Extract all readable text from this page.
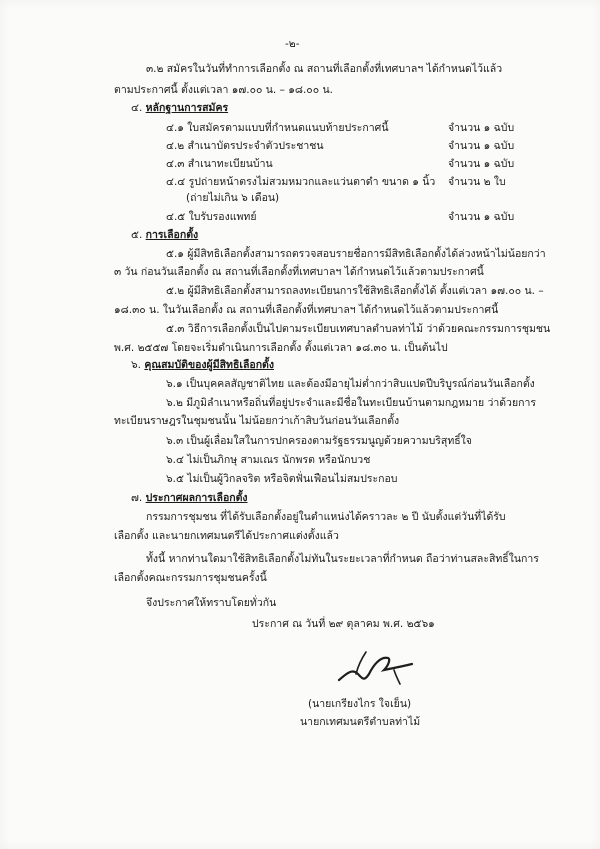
-๒-
๓.๒ สมัครในวันที่ทำการเลือกตั้ง ณ สถานที่เลือกตั้งที่เทศบาลฯ ได้กำหนดไว้แล้ว
ตามประกาศนี้ ตั้งแต่เวลา ๑๗.๐๐ น. – ๑๘.๐๐ น.
๔. หลักฐานการสมัคร
๔.๑ ใบสมัครตามแบบที่กำหนดแนบท้ายประกาศนี้	จำนวน ๑ ฉบับ
๔.๒ สำเนาบัตรประจำตัวประชาชน	จำนวน ๑ ฉบับ
๔.๓ สำเนาทะเบียนบ้าน	จำนวน ๑ ฉบับ
๔.๔ รูปถ่ายหน้าตรงไม่สวมหมวกและแว่นตาดำ ขนาด ๑ นิ้ว จำนวน ๒ ใบ
(ถ่ายไม่เกิน ๖ เดือน)
๔.๕ ใบรับรองแพทย์	จำนวน ๑ ฉบับ
๕. การเลือกตั้ง
๕.๑ ผู้มีสิทธิเลือกตั้งสามารถตรวจสอบรายชื่อการมีสิทธิเลือกตั้งได้ล่วงหน้าไม่น้อยกว่า
๓ วัน ก่อนวันเลือกตั้ง ณ สถานที่เลือกตั้งที่เทศบาลฯ ได้กำหนดไว้แล้วตามประกาศนี้
๕.๒ ผู้มีสิทธิเลือกตั้งสามารถลงทะเบียนการใช้สิทธิเลือกตั้งได้ ตั้งแต่เวลา ๑๗.๐๐ น. –
๑๘.๓๐ น. ในวันเลือกตั้ง ณ สถานที่เลือกตั้งที่เทศบาลฯ ได้กำหนดไว้แล้วตามประกาศนี้
๕.๓ วิธีการเลือกตั้งเป็นไปตามระเบียบเทศบาลตำบลท่าไม้ ว่าด้วยคณะกรรมการชุมชน
พ.ศ. ๒๕๕๗ โดยจะเริ่มดำเนินการเลือกตั้ง ตั้งแต่เวลา ๑๘.๓๐ น. เป็นต้นไป
๖. คุณสมบัติของผู้มีสิทธิเลือกตั้ง
๖.๑ เป็นบุคคลสัญชาติไทย และต้องมีอายุไม่ต่ำกว่าสิบแปดปีบริบูรณ์ก่อนวันเลือกตั้ง
๖.๒ มีภูมิลำเนาหรือถิ่นที่อยู่ประจำและมีชื่อในทะเบียนบ้านตามกฎหมาย ว่าด้วยการ
ทะเบียนราษฎรในชุมชนนั้น ไม่น้อยกว่าเก้าสิบวันก่อนวันเลือกตั้ง
๖.๓ เป็นผู้เลื่อมใสในการปกครองตามรัฐธรรมนูญด้วยความบริสุทธิ์ใจ
๖.๔ ไม่เป็นภิกษุ สามเณร นักพรต หรือนักบวช
๖.๕ ไม่เป็นผู้วิกลจริต หรือจิตฟั่นเฟือนไม่สมประกอบ
๗. ประกาศผลการเลือกตั้ง
กรรมการชุมชน ที่ได้รับเลือกตั้งอยู่ในตำแหน่งได้คราวละ ๒ ปี นับตั้งแต่วันที่ได้รับ
เลือกตั้ง และนายกเทศมนตรีได้ประกาศแต่งตั้งแล้ว
ทั้งนี้ หากท่านใดมาใช้สิทธิเลือกตั้งไม่ทันในระยะเวลาที่กำหนด ถือว่าท่านสละสิทธิ์ในการ
เลือกตั้งคณะกรรมการชุมชนครั้งนี้
จึงประกาศให้ทราบโดยทั่วกัน
ประกาศ ณ วันที่ ๒๙ ตุลาคม พ.ศ. ๒๕๖๑
(นายเกรียงไกร ใจเย็น)
นายกเทศมนตรีตำบลท่าไม้
